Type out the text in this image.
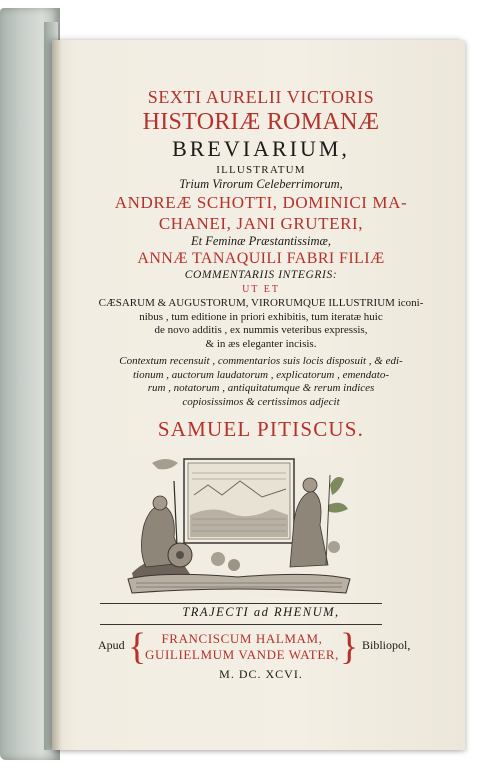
SEXTI AURELII VICTORIS
HISTORIÆ ROMANÆ
BREVIARIUM,
ILLUSTRATUM
Trium Virorum Celeberrimorum,
ANDREÆ SCHOTTI, DOMINICI MA-
CHANEI, JANI GRUTERI,
Et Feminæ Præstantissimæ,
ANNÆ TANAQUILI FABRI FILIÆ
COMMENTARIIS INTEGRIS:
UT ET
CÆSARUM & AUGUSTORUM, VIRORUMQUE ILLUSTRIUM iconi-
nibus , tum editione in priori exhibitis, tum iteratæ huic
de novo additis , ex nummis veteribus expressis,
& in æs eleganter incisis.
Contextum recensuit , commentarios suis locis disposuit , & edi-
tionum , auctorum laudatorum , explicatorum , emendato-
rum , notatorum , antiquitatumque & rerum indices
copiosissimos & certissimos adjecit
SAMUEL PITISCUS.
TRAJECTI ad RHENUM,
Apud {	FRANCISCUM HALMAM,
GUILIELMUM VANDE WATER, } Bibliopol,
M. DC. XCVI.
